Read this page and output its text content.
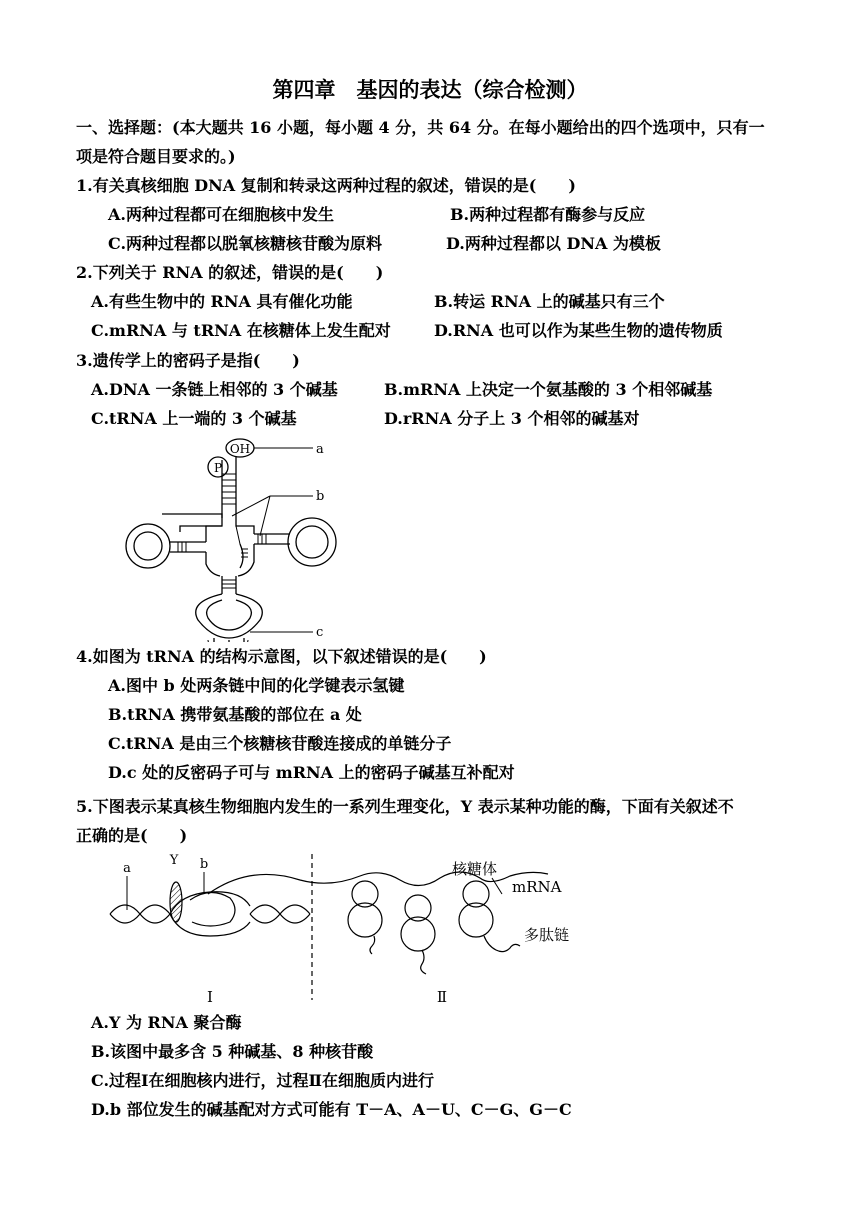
第四章　基因的表达（综合检测）
一、选择题：(本大题共 16 小题，每小题 4 分，共 64 分。在每小题给出的四个选项中，只有一
项是符合题目要求的。)
1.有关真核细胞 DNA 复制和转录这两种过程的叙述，错误的是(　　)
A.两种过程都可在细胞核中发生	B.两种过程都有酶参与反应
C.两种过程都以脱氧核糖核苷酸为原料	D.两种过程都以 DNA 为模板
2.下列关于 RNA 的叙述，错误的是(　　)
A.有些生物中的 RNA 具有催化功能	B.转运 RNA 上的碱基只有三个
C.mRNA 与 tRNA 在核糖体上发生配对	D.RNA 也可以作为某些生物的遗传物质
3.遗传学上的密码子是指(　　)
A.DNA 一条链上相邻的 3 个碱基	B.mRNA 上决定一个氨基酸的 3 个相邻碱基
C.tRNA 上一端的 3 个碱基	D.rRNA 分子上 3 个相邻的碱基对
OH
P
a
b
c
4.如图为 tRNA 的结构示意图，以下叙述错误的是(　　)
A.图中 b 处两条链中间的化学键表示氢键
B.tRNA 携带氨基酸的部位在 a 处
C.tRNA 是由三个核糖核苷酸连接成的单链分子
D.c 处的反密码子可与 mRNA 上的密码子碱基互补配对
5.下图表示某真核生物细胞内发生的一系列生理变化，Y 表示某种功能的酶，下面有关叙述不
正确的是(　　)
a
Y b	核糖体
mRNA
多肽链
Ⅰ	Ⅱ
A.Y 为 RNA 聚合酶
B.该图中最多含 5 种碱基、8 种核苷酸
C.过程Ⅰ在细胞核内进行，过程Ⅱ在细胞质内进行
D.b 部位发生的碱基配对方式可能有 T－A、A－U、C－G、G－C
